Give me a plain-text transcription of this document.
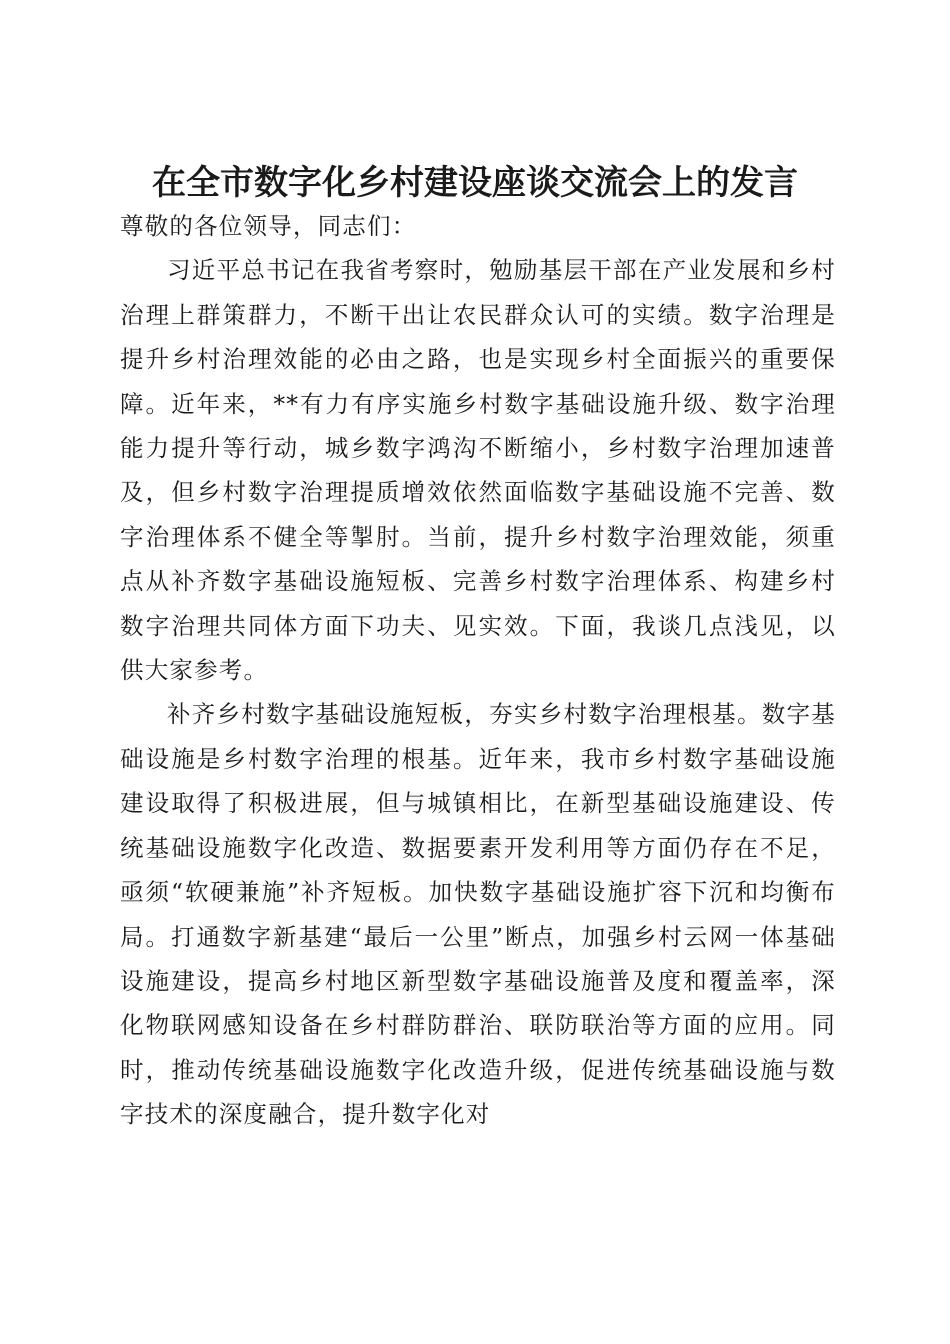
在全市数字化乡村建设座谈交流会上的发言

尊敬的各位领导，同志们：

习近平总书记在我省考察时，勉励基层干部在产业发展和乡村治理上群策群力，不断干出让农民群众认可的实绩。数字治理是提升乡村治理效能的必由之路，也是实现乡村全面振兴的重要保障。近年来，**有力有序实施乡村数字基础设施升级、数字治理能力提升等行动，城乡数字鸿沟不断缩小，乡村数字治理加速普及，但乡村数字治理提质增效依然面临数字基础设施不完善、数字治理体系不健全等掣肘。当前，提升乡村数字治理效能，须重点从补齐数字基础设施短板、完善乡村数字治理体系、构建乡村数字治理共同体方面下功夫、见实效。下面，我谈几点浅见，以供大家参考。

补齐乡村数字基础设施短板，夯实乡村数字治理根基。数字基础设施是乡村数字治理的根基。近年来，我市乡村数字基础设施建设取得了积极进展，但与城镇相比，在新型基础设施建设、传统基础设施数字化改造、数据要素开发利用等方面仍存在不足，亟须“软硬兼施”补齐短板。加快数字基础设施扩容下沉和均衡布局。打通数字新基建“最后一公里”断点，加强乡村云网一体基础设施建设，提高乡村地区新型数字基础设施普及度和覆盖率，深化物联网感知设备在乡村群防群治、联防联治等方面的应用。同时，推动传统基础设施数字化改造升级，促进传统基础设施与数字技术的深度融合，提升数字化对
